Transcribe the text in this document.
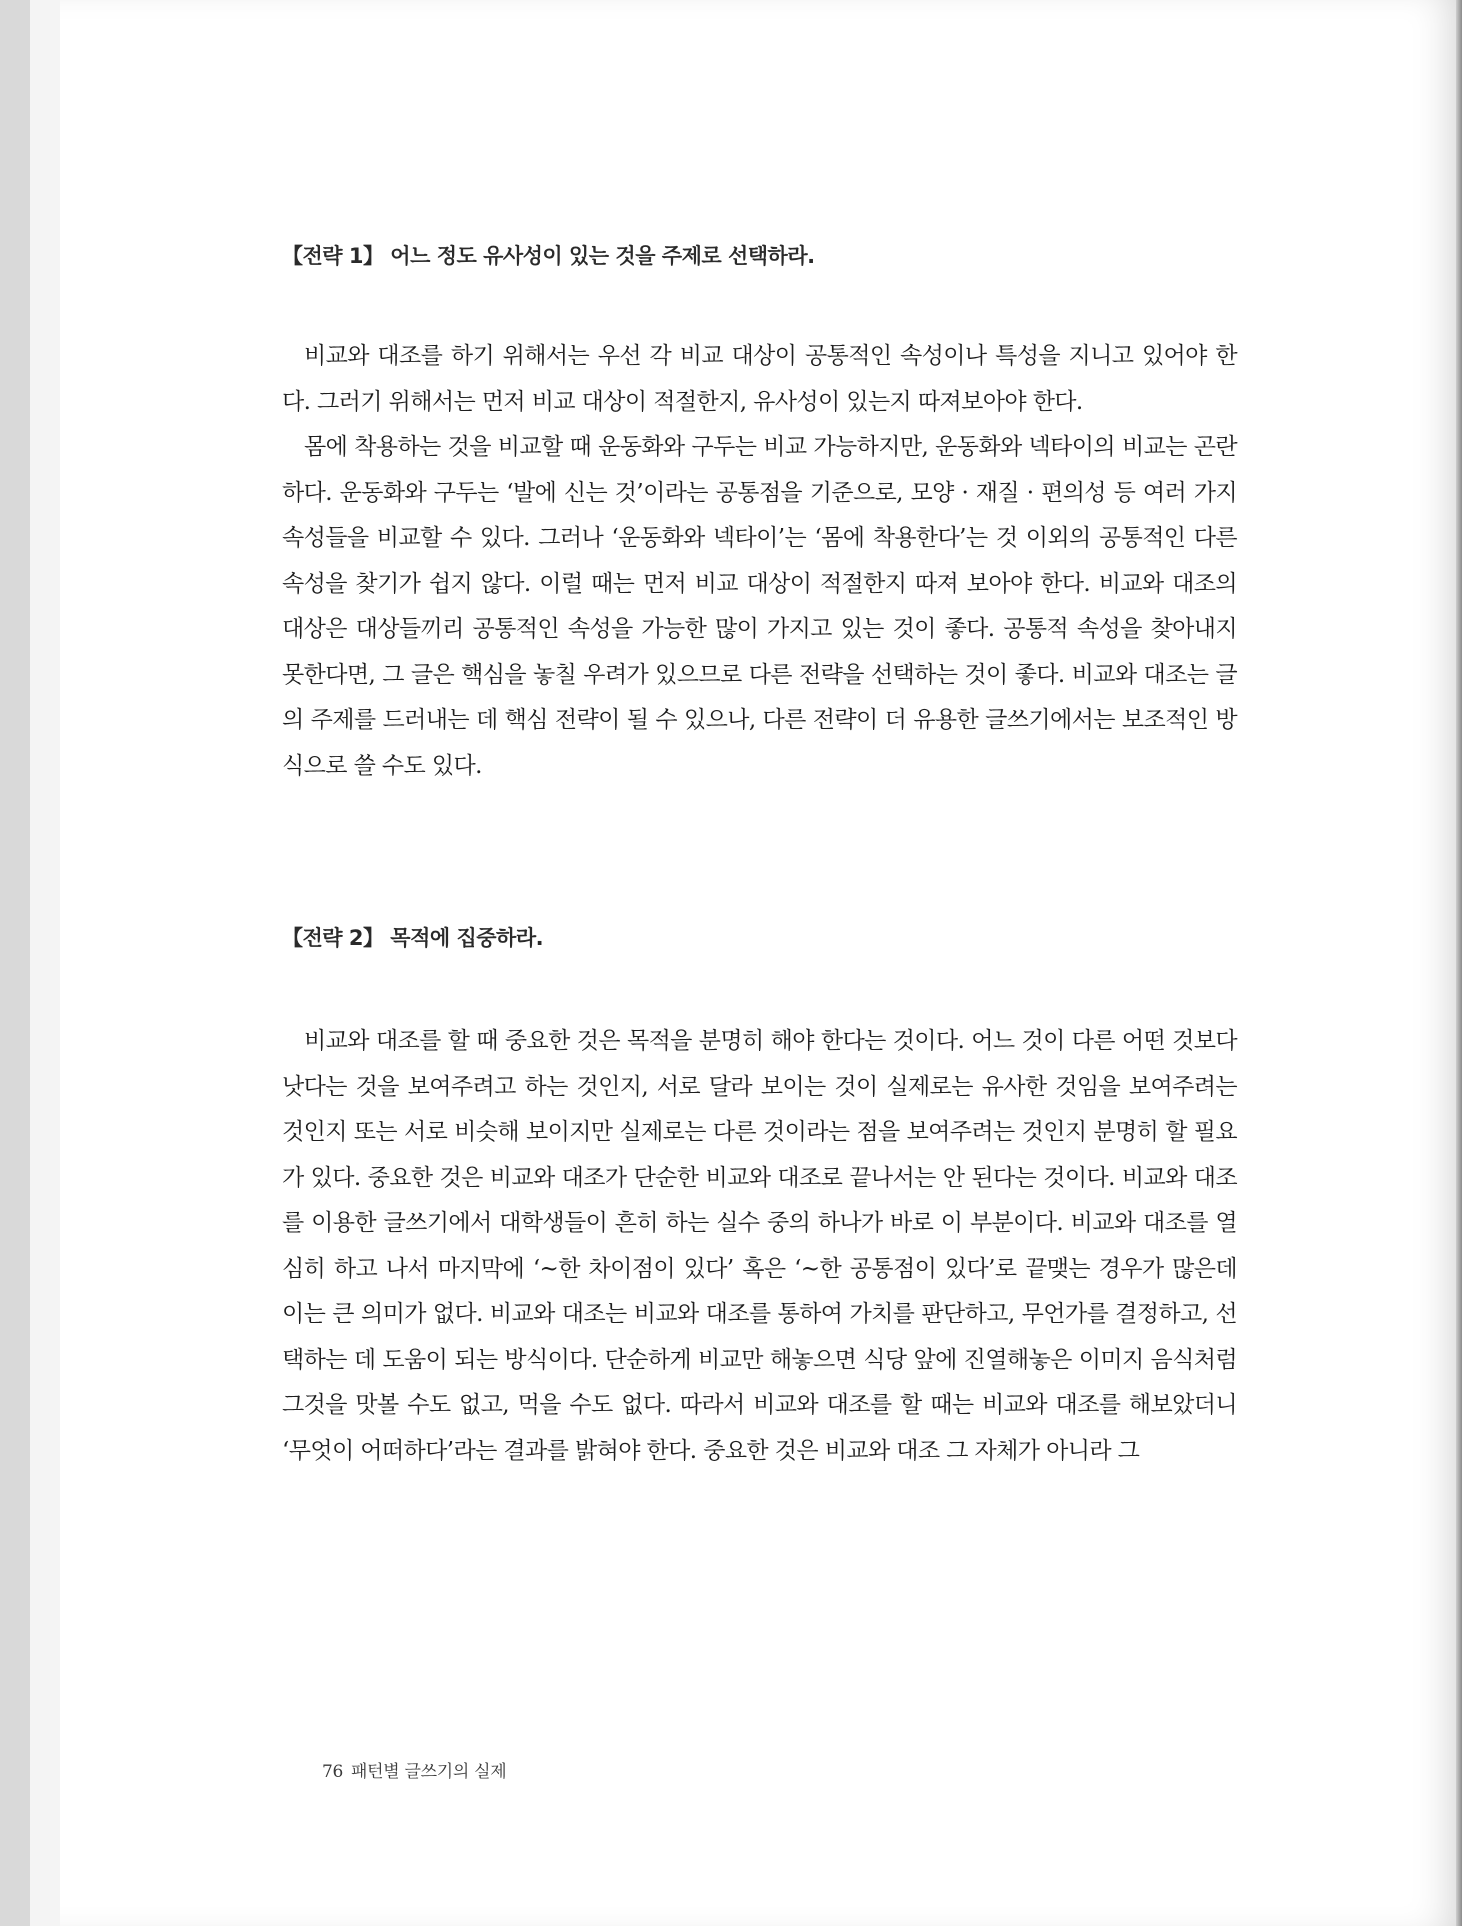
【전략 1】 어느 정도 유사성이 있는 것을 주제로 선택하라.

비교와 대조를 하기 위해서는 우선 각 비교 대상이 공통적인 속성이나 특성을 지니고 있어야 한다. 그러기 위해서는 먼저 비교 대상이 적절한지, 유사성이 있는지 따져보아야 한다.

몸에 착용하는 것을 비교할 때 운동화와 구두는 비교 가능하지만, 운동화와 넥타이의 비교는 곤란하다. 운동화와 구두는 ‘발에 신는 것’이라는 공통점을 기준으로, 모양 · 재질 · 편의성 등 여러 가지 속성들을 비교할 수 있다. 그러나 ‘운동화와 넥타이’는 ‘몸에 착용한다’는 것 이외의 공통적인 다른 속성을 찾기가 쉽지 않다. 이럴 때는 먼저 비교 대상이 적절한지 따져 보아야 한다. 비교와 대조의 대상은 대상들끼리 공통적인 속성을 가능한 많이 가지고 있는 것이 좋다. 공통적 속성을 찾아내지 못한다면, 그 글은 핵심을 놓칠 우려가 있으므로 다른 전략을 선택하는 것이 좋다. 비교와 대조는 글의 주제를 드러내는 데 핵심 전략이 될 수 있으나, 다른 전략이 더 유용한 글쓰기에서는 보조적인 방식으로 쓸 수도 있다.

【전략 2】 목적에 집중하라.

비교와 대조를 할 때 중요한 것은 목적을 분명히 해야 한다는 것이다. 어느 것이 다른 어떤 것보다 낫다는 것을 보여주려고 하는 것인지, 서로 달라 보이는 것이 실제로는 유사한 것임을 보여주려는 것인지 또는 서로 비슷해 보이지만 실제로는 다른 것이라는 점을 보여주려는 것인지 분명히 할 필요가 있다. 중요한 것은 비교와 대조가 단순한 비교와 대조로 끝나서는 안 된다는 것이다. 비교와 대조를 이용한 글쓰기에서 대학생들이 흔히 하는 실수 중의 하나가 바로 이 부분이다. 비교와 대조를 열심히 하고 나서 마지막에 ‘~한 차이점이 있다’ 혹은 ‘~한 공통점이 있다’로 끝맺는 경우가 많은데 이는 큰 의미가 없다. 비교와 대조는 비교와 대조를 통하여 가치를 판단하고, 무언가를 결정하고, 선택하는 데 도움이 되는 방식이다. 단순하게 비교만 해놓으면 식당 앞에 진열해놓은 이미지 음식처럼 그것을 맛볼 수도 없고, 먹을 수도 없다. 따라서 비교와 대조를 할 때는 비교와 대조를 해보았더니 ‘무엇이 어떠하다’라는 결과를 밝혀야 한다. 중요한 것은 비교와 대조 그 자체가 아니라 그

76 패턴별 글쓰기의 실제
